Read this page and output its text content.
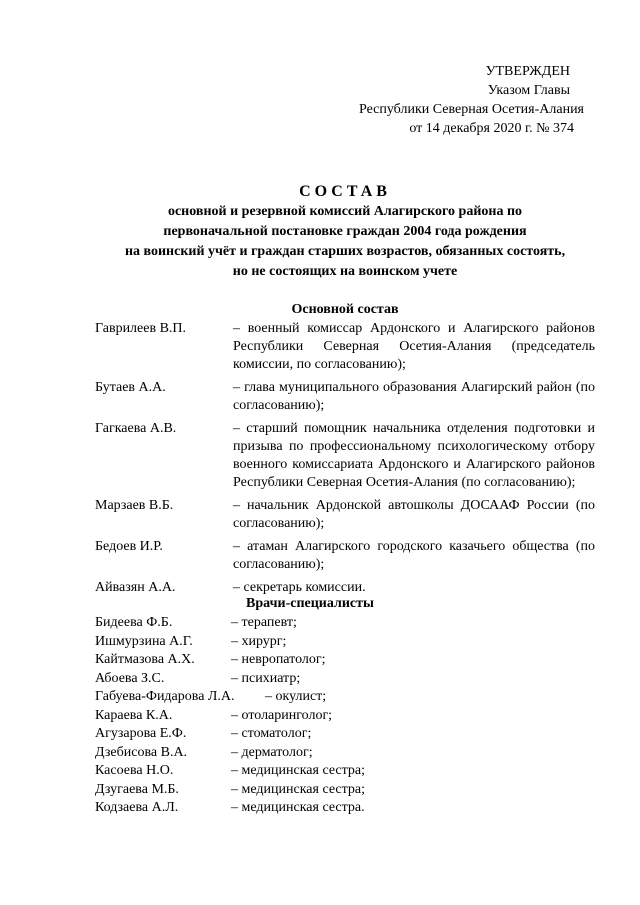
УТВЕРЖДЕН
Указом Главы
Республики Северная Осетия-Алания
от 14 декабря 2020 г. № 374
СОСТАВ
основной и резервной комиссий Алагирского района по
первоначальной постановке граждан 2004 года рождения
на воинский учёт и граждан старших возрастов, обязанных состоять,
но не состоящих на воинском учете
Основной состав
Гаврилеев В.П.	– военный комиссар Ардонского и Алагирского районов Республики Северная Осетия-Алания (председатель комиссии, по согласованию);
Бутаев А.А.	– глава муниципального образования Алагирский район (по согласованию);
Гагкаева А.В.	– старший помощник начальника отделения подготовки и призыва по профессиональному психологическому отбору военного комиссариата Ардонского и Алагирского районов Республики Северная Осетия-Алания (по согласованию);
Марзаев В.Б.	– начальник Ардонской автошколы ДОСААФ России (по согласованию);
Бедоев И.Р.	– атаман Алагирского городского казачьего общества (по согласованию);
Айвазян А.А.	– секретарь комиссии.
Врачи-специалисты
Бидеева Ф.Б.	– терапевт;
Ишмурзина А.Г.	– хирург;
Кайтмазова А.Х.	– невропатолог;
Абоева З.С.	– психиатр;
Габуева-Фидарова Л.А.	– окулист;
Караева К.А.	– отоларинголог;
Агузарова Е.Ф.	– стоматолог;
Дзебисова В.А.	– дерматолог;
Касоева Н.О.	– медицинская сестра;
Дзугаева М.Б.	– медицинская сестра;
Кодзаева А.Л.	– медицинская сестра.
